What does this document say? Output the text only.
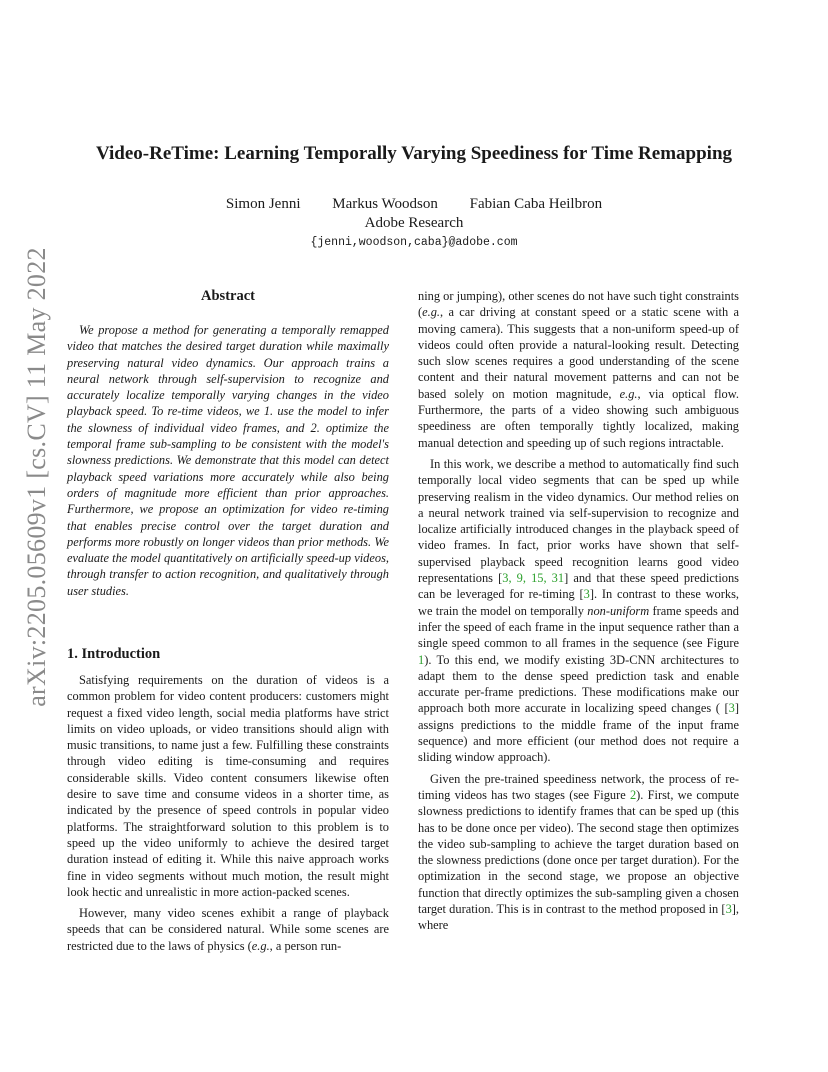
arXiv:2205.05609v1 [cs.CV] 11 May 2022
Video-ReTime: Learning Temporally Varying Speediness for Time Remapping
Simon Jenni Markus Woodson Fabian Caba Heilbron
Adobe Research
{jenni,woodson,caba}@adobe.com
Abstract

We propose a method for generating a temporally remapped video that matches the desired target duration while maximally preserving natural video dynamics. Our approach trains a neural network through self-supervision to recognize and accurately localize temporally varying changes in the video playback speed. To re-time videos, we 1. use the model to infer the slowness of individual video frames, and 2. optimize the temporal frame sub-sampling to be consistent with the model's slowness predictions. We demonstrate that this model can detect playback speed variations more accurately while also being orders of magnitude more efficient than prior approaches. Furthermore, we propose an optimization for video re-timing that enables precise control over the target duration and performs more robustly on longer videos than prior methods. We evaluate the model quantitatively on artificially speed-up videos, through transfer to action recognition, and qualitatively through user studies.

1. Introduction

Satisfying requirements on the duration of videos is a common problem for video content producers: customers might request a fixed video length, social media platforms have strict limits on video uploads, or video transitions should align with music transitions, to name just a few. Fulfilling these constraints through video editing is time-consuming and requires considerable skills. Video content consumers likewise often desire to save time and consume videos in a shorter time, as indicated by the presence of speed controls in popular video platforms. The straightforward solution to this problem is to speed up the video uniformly to achieve the desired target duration instead of editing it. While this naive approach works fine in video segments without much motion, the result might look hectic and unrealistic in more action-packed scenes.

However, many video scenes exhibit a range of playback speeds that can be considered natural. While some scenes are restricted due to the laws of physics (e.g., a person run-

ning or jumping), other scenes do not have such tight constraints (e.g., a car driving at constant speed or a static scene with a moving camera). This suggests that a non-uniform speed-up of videos could often provide a natural-looking result. Detecting such slow scenes requires a good understanding of the scene content and their natural movement patterns and can not be based solely on motion magnitude, e.g., via optical flow. Furthermore, the parts of a video showing such ambiguous speediness are often temporally tightly localized, making manual detection and speeding up of such regions intractable.

In this work, we describe a method to automatically find such temporally local video segments that can be sped up while preserving realism in the video dynamics. Our method relies on a neural network trained via self-supervision to recognize and localize artificially introduced changes in the playback speed of video frames. In fact, prior works have shown that self-supervised playback speed recognition learns good video representations [3, 9, 15, 31] and that these speed predictions can be leveraged for re-timing [3]. In contrast to these works, we train the model on temporally non-uniform frame speeds and infer the speed of each frame in the input sequence rather than a single speed common to all frames in the sequence (see Figure 1). To this end, we modify existing 3D-CNN architectures to adapt them to the dense speed prediction task and enable accurate per-frame predictions. These modifications make our approach both more accurate in localizing speed changes ( [3] assigns predictions to the middle frame of the input frame sequence) and more efficient (our method does not require a sliding window approach).

Given the pre-trained speediness network, the process of re-timing videos has two stages (see Figure 2). First, we compute slowness predictions to identify frames that can be sped up (this has to be done once per video). The second stage then optimizes the video sub-sampling to achieve the target duration based on the slowness predictions (done once per target duration). For the optimization in the second stage, we propose an objective function that directly optimizes the sub-sampling given a chosen target duration. This is in contrast to the method proposed in [3], where
